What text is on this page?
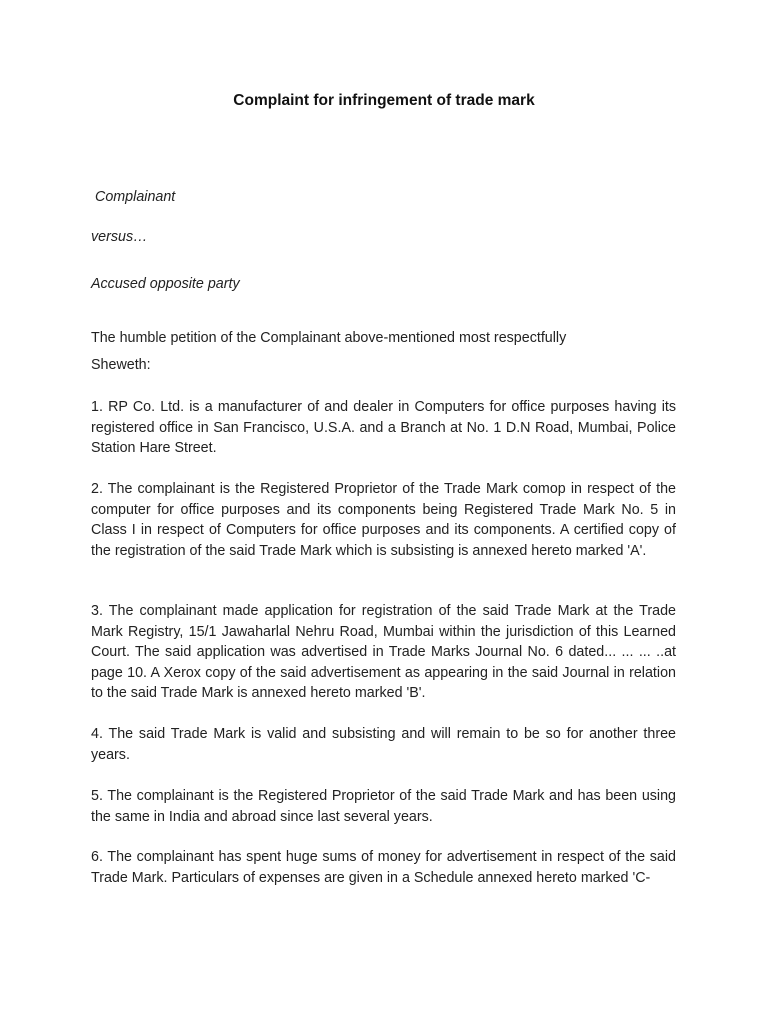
Complaint for infringement of trade mark
Complainant
versus…
Accused opposite party
The humble petition of the Complainant above-mentioned most respectfully
Sheweth:
1. RP Co. Ltd. is a manufacturer of and dealer in Computers for office purposes having its registered office in San Francisco, U.S.A. and a Branch at No. 1 D.N Road, Mumbai, Police Station Hare Street.
2. The complainant is the Registered Proprietor of the Trade Mark comop in respect of the computer for office purposes and its components being Registered Trade Mark No. 5 in Class I in respect of Computers for office purposes and its components. A certified copy of the registration of the said Trade Mark which is subsisting is annexed hereto marked 'A'.
3. The complainant made application for registration of the said Trade Mark at the Trade Mark Registry, 15/1 Jawaharlal Nehru Road, Mumbai within the jurisdiction of this Learned Court. The said application was advertised in Trade Marks Journal No. 6 dated... ... ... ..at page 10. A Xerox copy of the said advertisement as appearing in the said Journal in relation to the said Trade Mark is annexed hereto marked 'B'.
4. The said Trade Mark is valid and subsisting and will remain to be so for another three years.
5. The complainant is the Registered Proprietor of the said Trade Mark and has been using the same in India and abroad since last several years.
6. The complainant has spent huge sums of money for advertisement in respect of the said Trade Mark. Particulars of expenses are given in a Schedule annexed hereto marked 'C-
